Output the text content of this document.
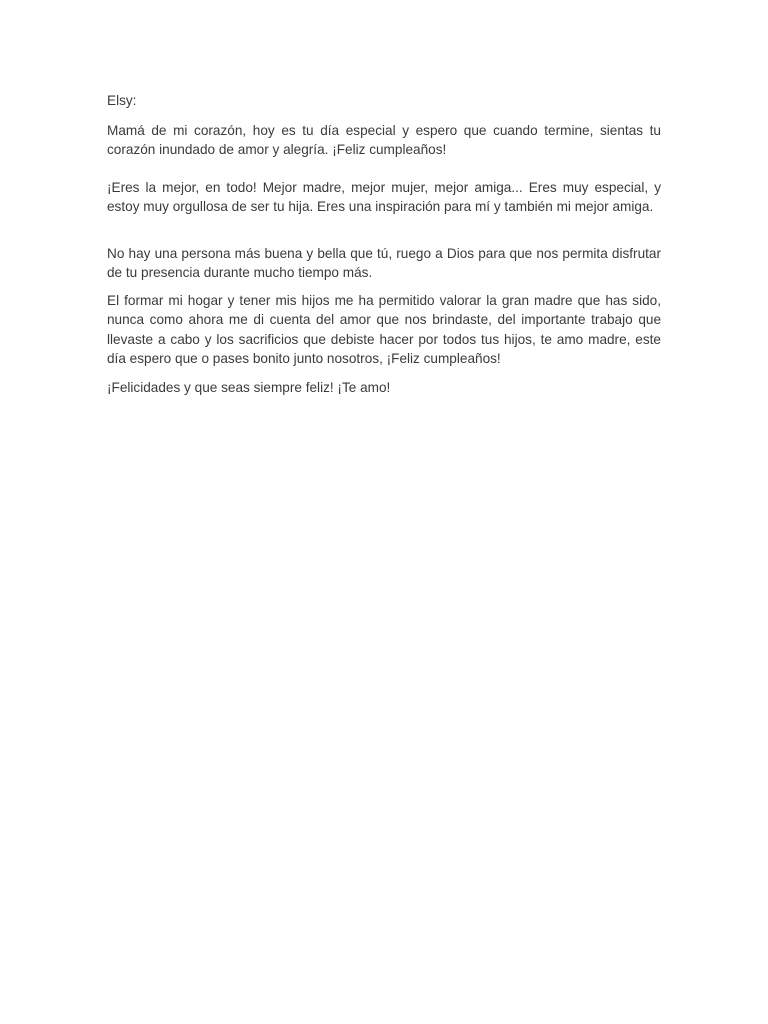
Elsy:

Mamá de mi corazón, hoy es tu día especial y espero que cuando termine, sientas tu corazón inundado de amor y alegría. ¡Feliz cumpleaños!

¡Eres la mejor, en todo! Mejor madre, mejor mujer, mejor amiga... Eres muy especial, y estoy muy orgullosa de ser tu hija. Eres una inspiración para mí y también mi mejor amiga.

No hay una persona más buena y bella que tú, ruego a Dios para que nos permita disfrutar de tu presencia durante mucho tiempo más.

El formar mi hogar y tener mis hijos me ha permitido valorar la gran madre que has sido, nunca como ahora me di cuenta del amor que nos brindaste, del importante trabajo que llevaste a cabo y los sacrificios que debiste hacer por todos tus hijos, te amo madre, este día espero que o pases bonito junto nosotros, ¡Feliz cumpleaños!

¡Felicidades y que seas siempre feliz! ¡Te amo!
